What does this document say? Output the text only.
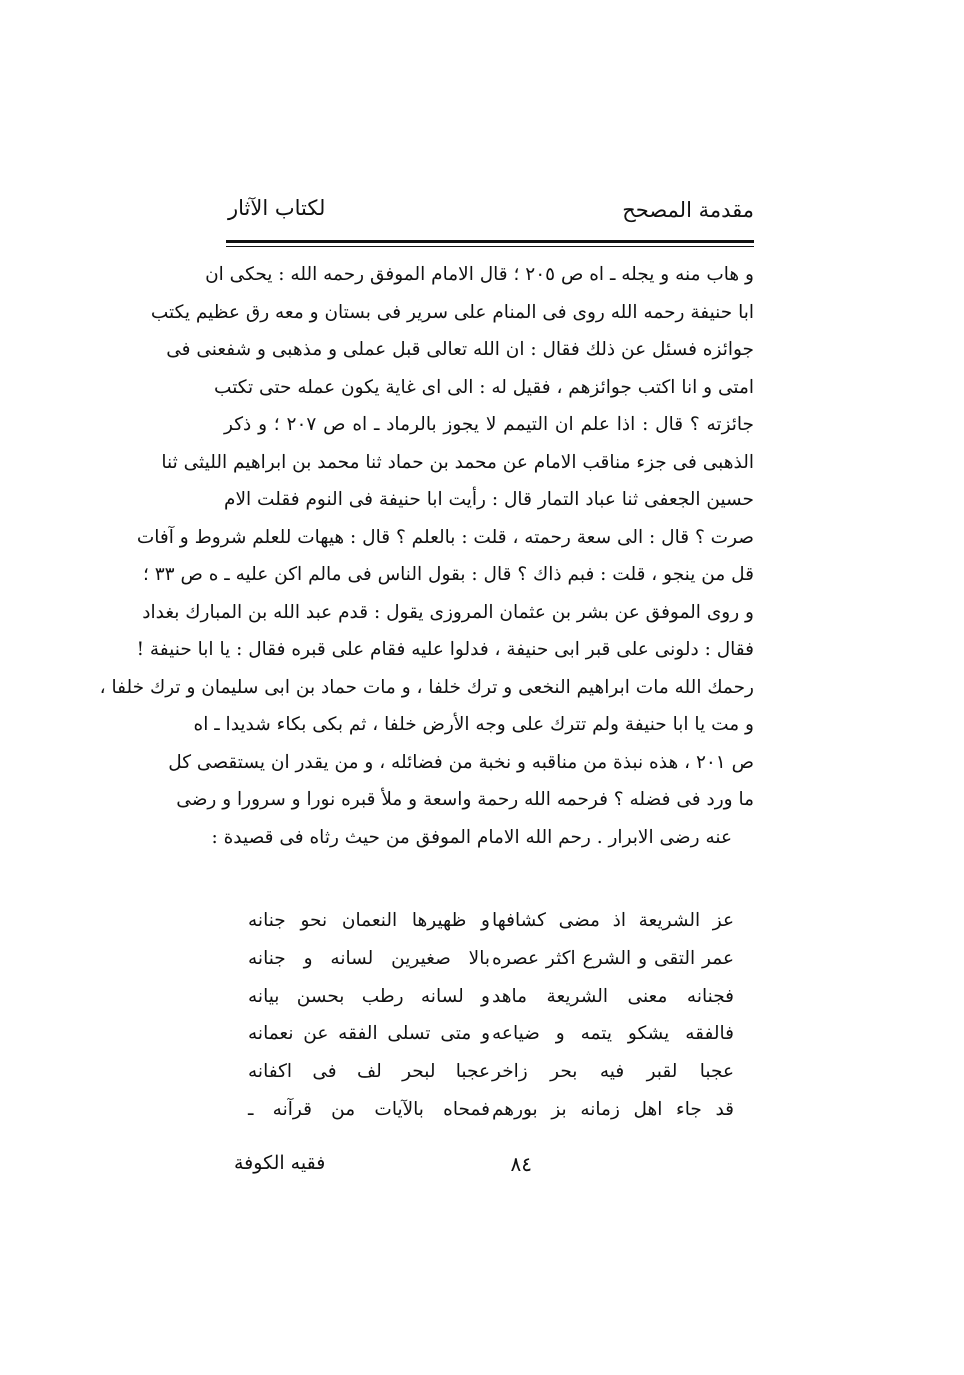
مقدمة المصحح
لكتاب الآثار
و هاب منه و يجله ـ اه ص ٢٠٥ ؛ قال الامام الموفق رحمه الله : يحكى ان
ابا حنيفة رحمه الله روى فى المنام على سرير فى بستان و معه رق عظيم يكتب
جوائزه فسئل عن ذلك فقال : ان الله تعالى قبل عملى و مذهبى و شفعنى فى
امتى و انا اكتب جوائزهم ، فقيل له : الى اى غاية يكون عمله حتى تكتب
جائزته ؟ قال : اذا علم ان التيمم لا يجوز بالرماد ـ اه ص ٢٠٧ ؛ و ذكر
الذهبى فى جزء مناقب الامام عن محمد بن حماد ثنا محمد بن ابراهيم الليثى ثنا
حسين الجعفى ثنا عباد التمار قال : رأيت ابا حنيفة فى النوم فقلت الام
صرت ؟ قال : الى سعة رحمته ، قلت : بالعلم ؟ قال : هيهات للعلم شروط و آفات
قل من ينجو ، قلت : فبم ذاك ؟ قال : بقول الناس فى مالم اكن عليه ـ ه ص ٣٣ ؛
و روى الموفق عن بشر بن عثمان المروزى يقول : قدم عبد الله بن المبارك بغداد
فقال : دلونى على قبر ابى حنيفة ، فدلوا عليه فقام على قبره فقال : يا ابا حنيفة !
رحمك الله مات ابراهيم النخعى و ترك خلفا ، و مات حماد بن ابى سليمان و ترك خلفا ،
و مت يا ابا حنيفة ولم تترك على وجه الأرض خلفا ، ثم بكى بكاء شديدا ـ اه
ص ٢٠١ ، هذه نبذة من مناقبه و نخبة من فضائله ، و من يقدر ان يستقصى كل
ما ورد فى فضله ؟ فرحمه الله رحمة واسعة و ملأ قبره نورا و سرورا و رضى
عنه رضى الابرار . رحم الله الامام الموفق من حيث رثاه فى قصيدة :
عز الشريعة اذ مضى كشافها
و ظهيرها النعمان نحو جنانه
عمر التقى و الشرع اكثر عصره
بالا صغيرين لسانه و جنانه
فجنانه معنى الشريعة ماهد
و لسانه رطب بحسن بيانه
فالفقه يشكو يتمه و ضياعه
و متى تسلى الفقه عن نعمانه
عجبا لقبر فيه بحر زاخر
عجبا لبحر لف فى اكفانه
قد جاء اهل زمانه بز بورهم
فمحاه بالآيات من قرآنه ـ
٨٤
فقيه الكوفة
